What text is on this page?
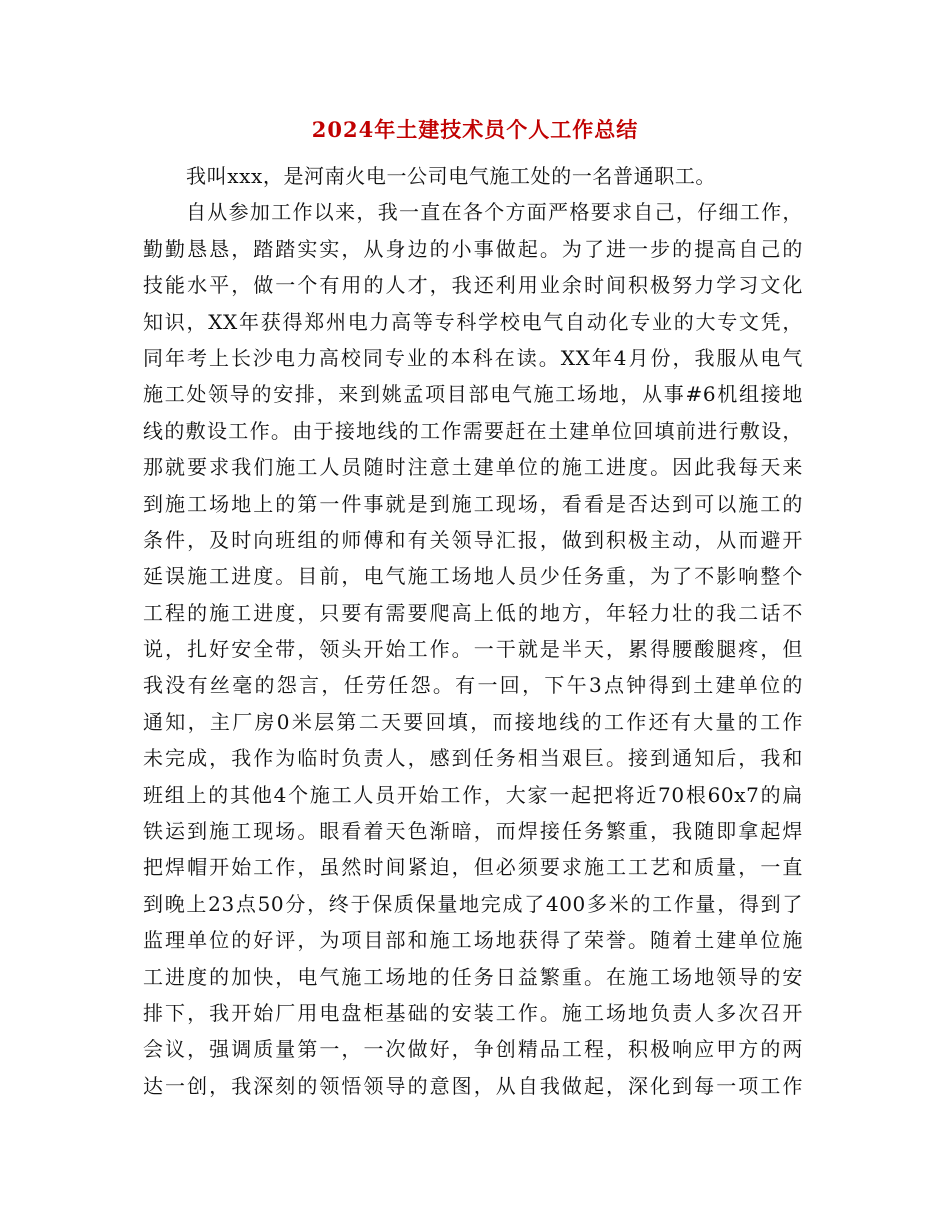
2024年土建技术员个人工作总结
我叫xxx，是河南火电一公司电气施工处的一名普通职工。
自从参加工作以来，我一直在各个方面严格要求自己，仔细工作，
勤勤恳恳，踏踏实实，从身边的小事做起。为了进一步的提高自己的
技能水平，做一个有用的人才，我还利用业余时间积极努力学习文化
知识，XX年获得郑州电力高等专科学校电气自动化专业的大专文凭，
同年考上长沙电力高校同专业的本科在读。XX年4月份，我服从电气
施工处领导的安排，来到姚孟项目部电气施工场地，从事#6机组接地
线的敷设工作。由于接地线的工作需要赶在土建单位回填前进行敷设，
那就要求我们施工人员随时注意土建单位的施工进度。因此我每天来
到施工场地上的第一件事就是到施工现场，看看是否达到可以施工的
条件，及时向班组的师傅和有关领导汇报，做到积极主动，从而避开
延误施工进度。目前，电气施工场地人员少任务重，为了不影响整个
工程的施工进度，只要有需要爬高上低的地方，年轻力壮的我二话不
说，扎好安全带，领头开始工作。一干就是半天，累得腰酸腿疼，但
我没有丝毫的怨言，任劳任怨。有一回，下午3点钟得到土建单位的
通知，主厂房0米层第二天要回填，而接地线的工作还有大量的工作
未完成，我作为临时负责人，感到任务相当艰巨。接到通知后，我和
班组上的其他4个施工人员开始工作，大家一起把将近70根60x7的扁
铁运到施工现场。眼看着天色渐暗，而焊接任务繁重，我随即拿起焊
把焊帽开始工作，虽然时间紧迫，但必须要求施工工艺和质量，一直
到晚上23点50分，终于保质保量地完成了400多米的工作量，得到了
监理单位的好评，为项目部和施工场地获得了荣誉。随着土建单位施
工进度的加快，电气施工场地的任务日益繁重。在施工场地领导的安
排下，我开始厂用电盘柜基础的安装工作。施工场地负责人多次召开
会议，强调质量第一，一次做好，争创精品工程，积极响应甲方的两
达一创，我深刻的领悟领导的意图，从自我做起，深化到每一项工作
